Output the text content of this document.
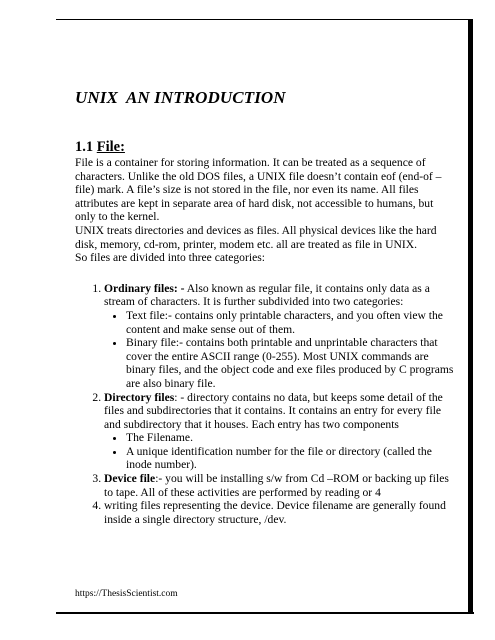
UNIX  AN INTRODUCTION
1.1 File:

File is a container for storing information. It can be treated as a sequence of characters. Unlike the old DOS files, a UNIX file doesn’t contain eof (end-of –file) mark. A file’s size is not stored in the file, nor even its name. All files attributes are kept in separate area of hard disk, not accessible to humans, but only to the kernel.

UNIX treats directories and devices as files. All physical devices like the hard disk, memory, cd-rom, printer, modem etc. all are treated as file in UNIX.

So files are divided into three categories:

1. Ordinary files: - Also known as regular file, it contains only data as a stream of characters. It is further subdivided into two categories:
• Text file:- contains only printable characters, and you often view the content and make sense out of them.
• Binary file:- contains both printable and unprintable characters that cover the entire ASCII range (0-255). Most UNIX commands are binary files, and the object code and exe files produced by C programs are also binary file.
2. Directory files: - directory contains no data, but keeps some detail of the files and subdirectories that it contains. It contains an entry for every file and subdirectory that it houses. Each entry has two components
• The Filename.
• A unique identification number for the file or directory (called the inode number).
3. Device file:- you will be installing s/w from Cd –ROM or backing up files to tape. All of these activities are performed by reading or 4
4. writing files representing the device. Device filename are generally found inside a single directory structure, /dev.
https://ThesisScientist.com
